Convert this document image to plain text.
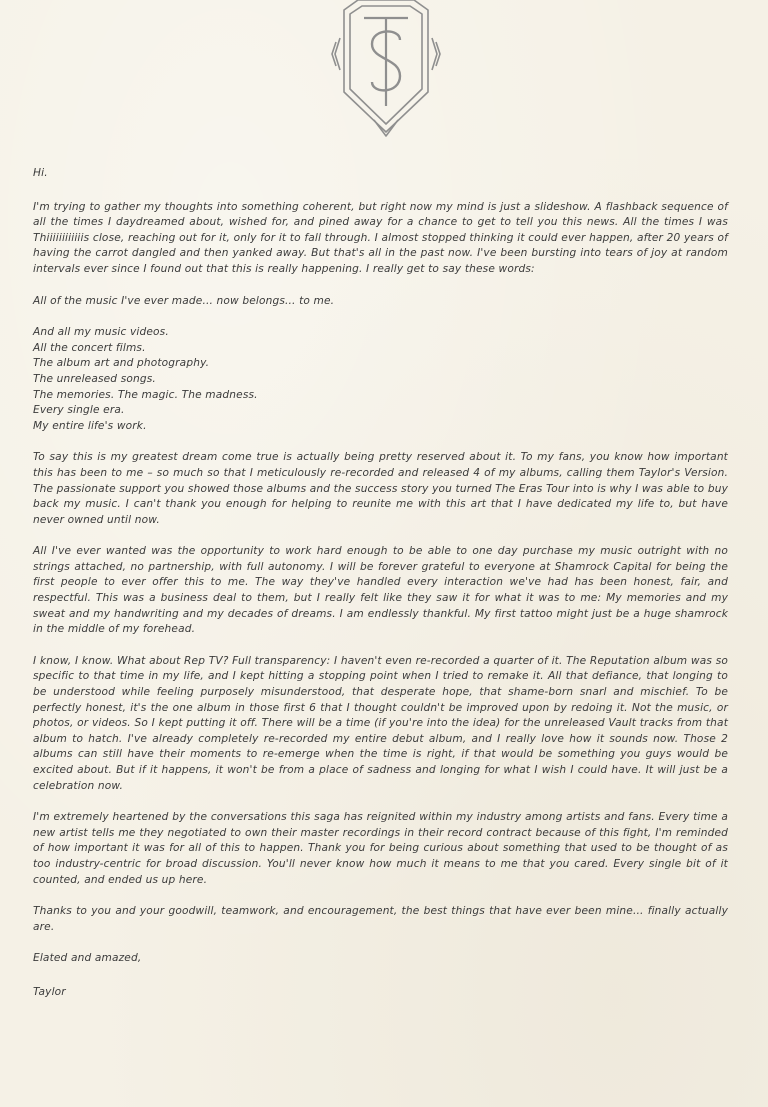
Hi.

I'm trying to gather my thoughts into something coherent, but right now my mind is just a slideshow. A flashback sequence of all the times I daydreamed about, wished for, and pined away for a chance to get to tell you this news. All the times I was Thiiiiiiiiiiiis close, reaching out for it, only for it to fall through. I almost stopped thinking it could ever happen, after 20 years of having the carrot dangled and then yanked away. But that's all in the past now. I've been bursting into tears of joy at random intervals ever since I found out that this is really happening. I really get to say these words:

All of the music I've ever made... now belongs... to me.

And all my music videos.

All the concert films.

The album art and photography.

The unreleased songs.

The memories. The magic. The madness.

Every single era.

My entire life's work.

To say this is my greatest dream come true is actually being pretty reserved about it. To my fans, you know how important this has been to me – so much so that I meticulously re-recorded and released 4 of my albums, calling them Taylor's Version. The passionate support you showed those albums and the success story you turned The Eras Tour into is why I was able to buy back my music. I can't thank you enough for helping to reunite me with this art that I have dedicated my life to, but have never owned until now.

All I've ever wanted was the opportunity to work hard enough to be able to one day purchase my music outright with no strings attached, no partnership, with full autonomy. I will be forever grateful to everyone at Shamrock Capital for being the first people to ever offer this to me. The way they've handled every interaction we've had has been honest, fair, and respectful. This was a business deal to them, but I really felt like they saw it for what it was to me: My memories and my sweat and my handwriting and my decades of dreams. I am endlessly thankful. My first tattoo might just be a huge shamrock in the middle of my forehead.

I know, I know. What about Rep TV? Full transparency: I haven't even re-recorded a quarter of it. The Reputation album was so specific to that time in my life, and I kept hitting a stopping point when I tried to remake it. All that defiance, that longing to be understood while feeling purposely misunderstood, that desperate hope, that shame-born snarl and mischief. To be perfectly honest, it's the one album in those first 6 that I thought couldn't be improved upon by redoing it. Not the music, or photos, or videos. So I kept putting it off. There will be a time (if you're into the idea) for the unreleased Vault tracks from that album to hatch. I've already completely re-recorded my entire debut album, and I really love how it sounds now. Those 2 albums can still have their moments to re-emerge when the time is right, if that would be something you guys would be excited about. But if it happens, it won't be from a place of sadness and longing for what I wish I could have. It will just be a celebration now.

I'm extremely heartened by the conversations this saga has reignited within my industry among artists and fans. Every time a new artist tells me they negotiated to own their master recordings in their record contract because of this fight, I'm reminded of how important it was for all of this to happen. Thank you for being curious about something that used to be thought of as too industry-centric for broad discussion. You'll never know how much it means to me that you cared. Every single bit of it counted, and ended us up here.

Thanks to you and your goodwill, teamwork, and encouragement, the best things that have ever been mine... finally actually are.

Elated and amazed,

Taylor
